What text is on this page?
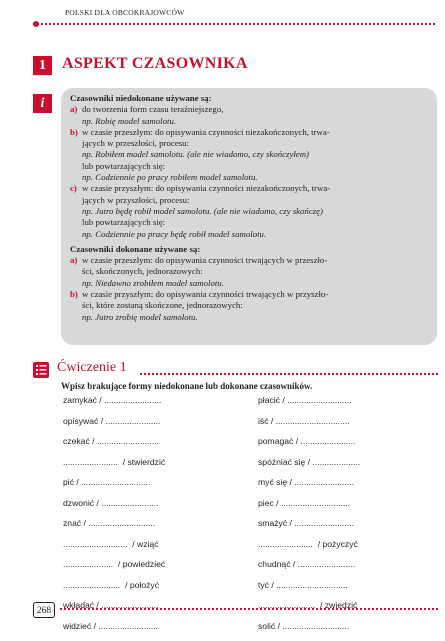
POLSKI DLA OBCOKRAJOWCÓW
1	ASPEKT CZASOWNIKA
i	Czasowniki niedokonane używane są:

a) do tworzenia form czasu teraźniejszego,

np. Robię model samolotu.

b) w czasie przeszłym: do opisywania czynności niezakończonych, trwa-

jących w przeszłości, procesu:

np. Robiłem model samolotu. (ale nie wiadomo, czy skończyłem)

lub powtarzających się:

np. Codziennie po pracy robiłem model samolotu.

c) w czasie przyszłym: do opisywania czynności niezakończonych, trwa-

jących w przyszłości, procesu:

np. Jutro będę robił model samolotu. (ale nie wiadomo, czy skończę)

lub powtarzających się:

np. Codziennie po pracy będę robił model samolotu.

Czasowniki dokonane używane są:

a) w czasie przeszłym: do opisywania czynności trwających w przeszło-

ści, skończonych, jednorazowych:

np. Niedawno zrobiłem model samolotu.

b) w czasie przyszłym: do opisywania czynności trwających w przyszło-

ści, które zostaną skończone, jednorazowych:

np. Jutro zrobię model samolotu.

Ćwiczenie 1
Wpisz brakujące formy niedokonane lub dokonane czasowników.
zamykać / ........................	płacić / ...........................
opisywać / .......................	iść / ...............................
czekać / ..........................	pomagać / .......................
.......................  / stwierdzić	spóźniać się / ....................
pić / .............................	myć się / .........................
dzwonić / ........................	piec / .............................
znać / ............................	smażyć / .........................
...........................  / wziąć	.......................  / pożyczyć
.....................  / powiedzieć	chudnąć / ........................
........................  / położyć	tyć / ..............................
wkładać / ........................	........................  / zwiedzić
widzieć / .........................	solić / ............................
268
